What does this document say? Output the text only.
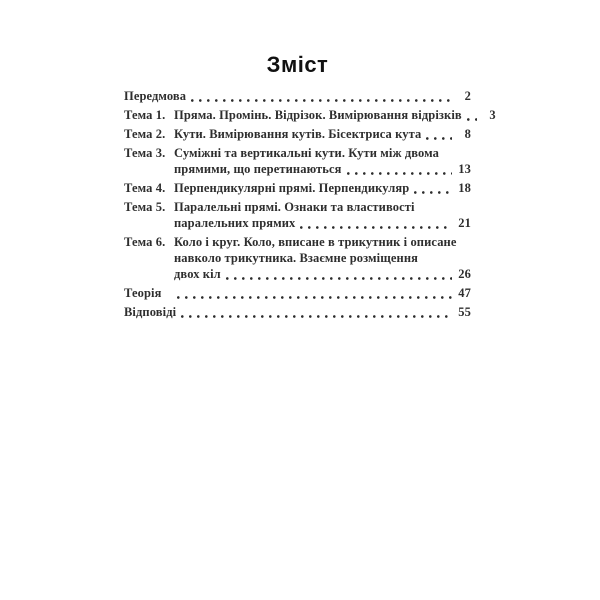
Зміст
Передмова	2
Тема 1. Пряма. Промінь. Відрізок. Вимірювання відрізків	3
Тема 2. Кути. Вимірювання кутів. Бісектриса кута	8
Тема 3. Суміжні та вертикальні кути. Кути між двома
прямими, що перетинаються	13
Тема 4. Перпендикулярні прямі. Перпендикуляр	18
Тема 5. Паралельні прямі. Ознаки та властивості
паралельних прямих	21
Тема 6. Коло і круг. Коло, вписане в трикутник і описане
навколо трикутника. Взаємне розміщення
двох кіл	26
Теорія	47
Відповіді	55
